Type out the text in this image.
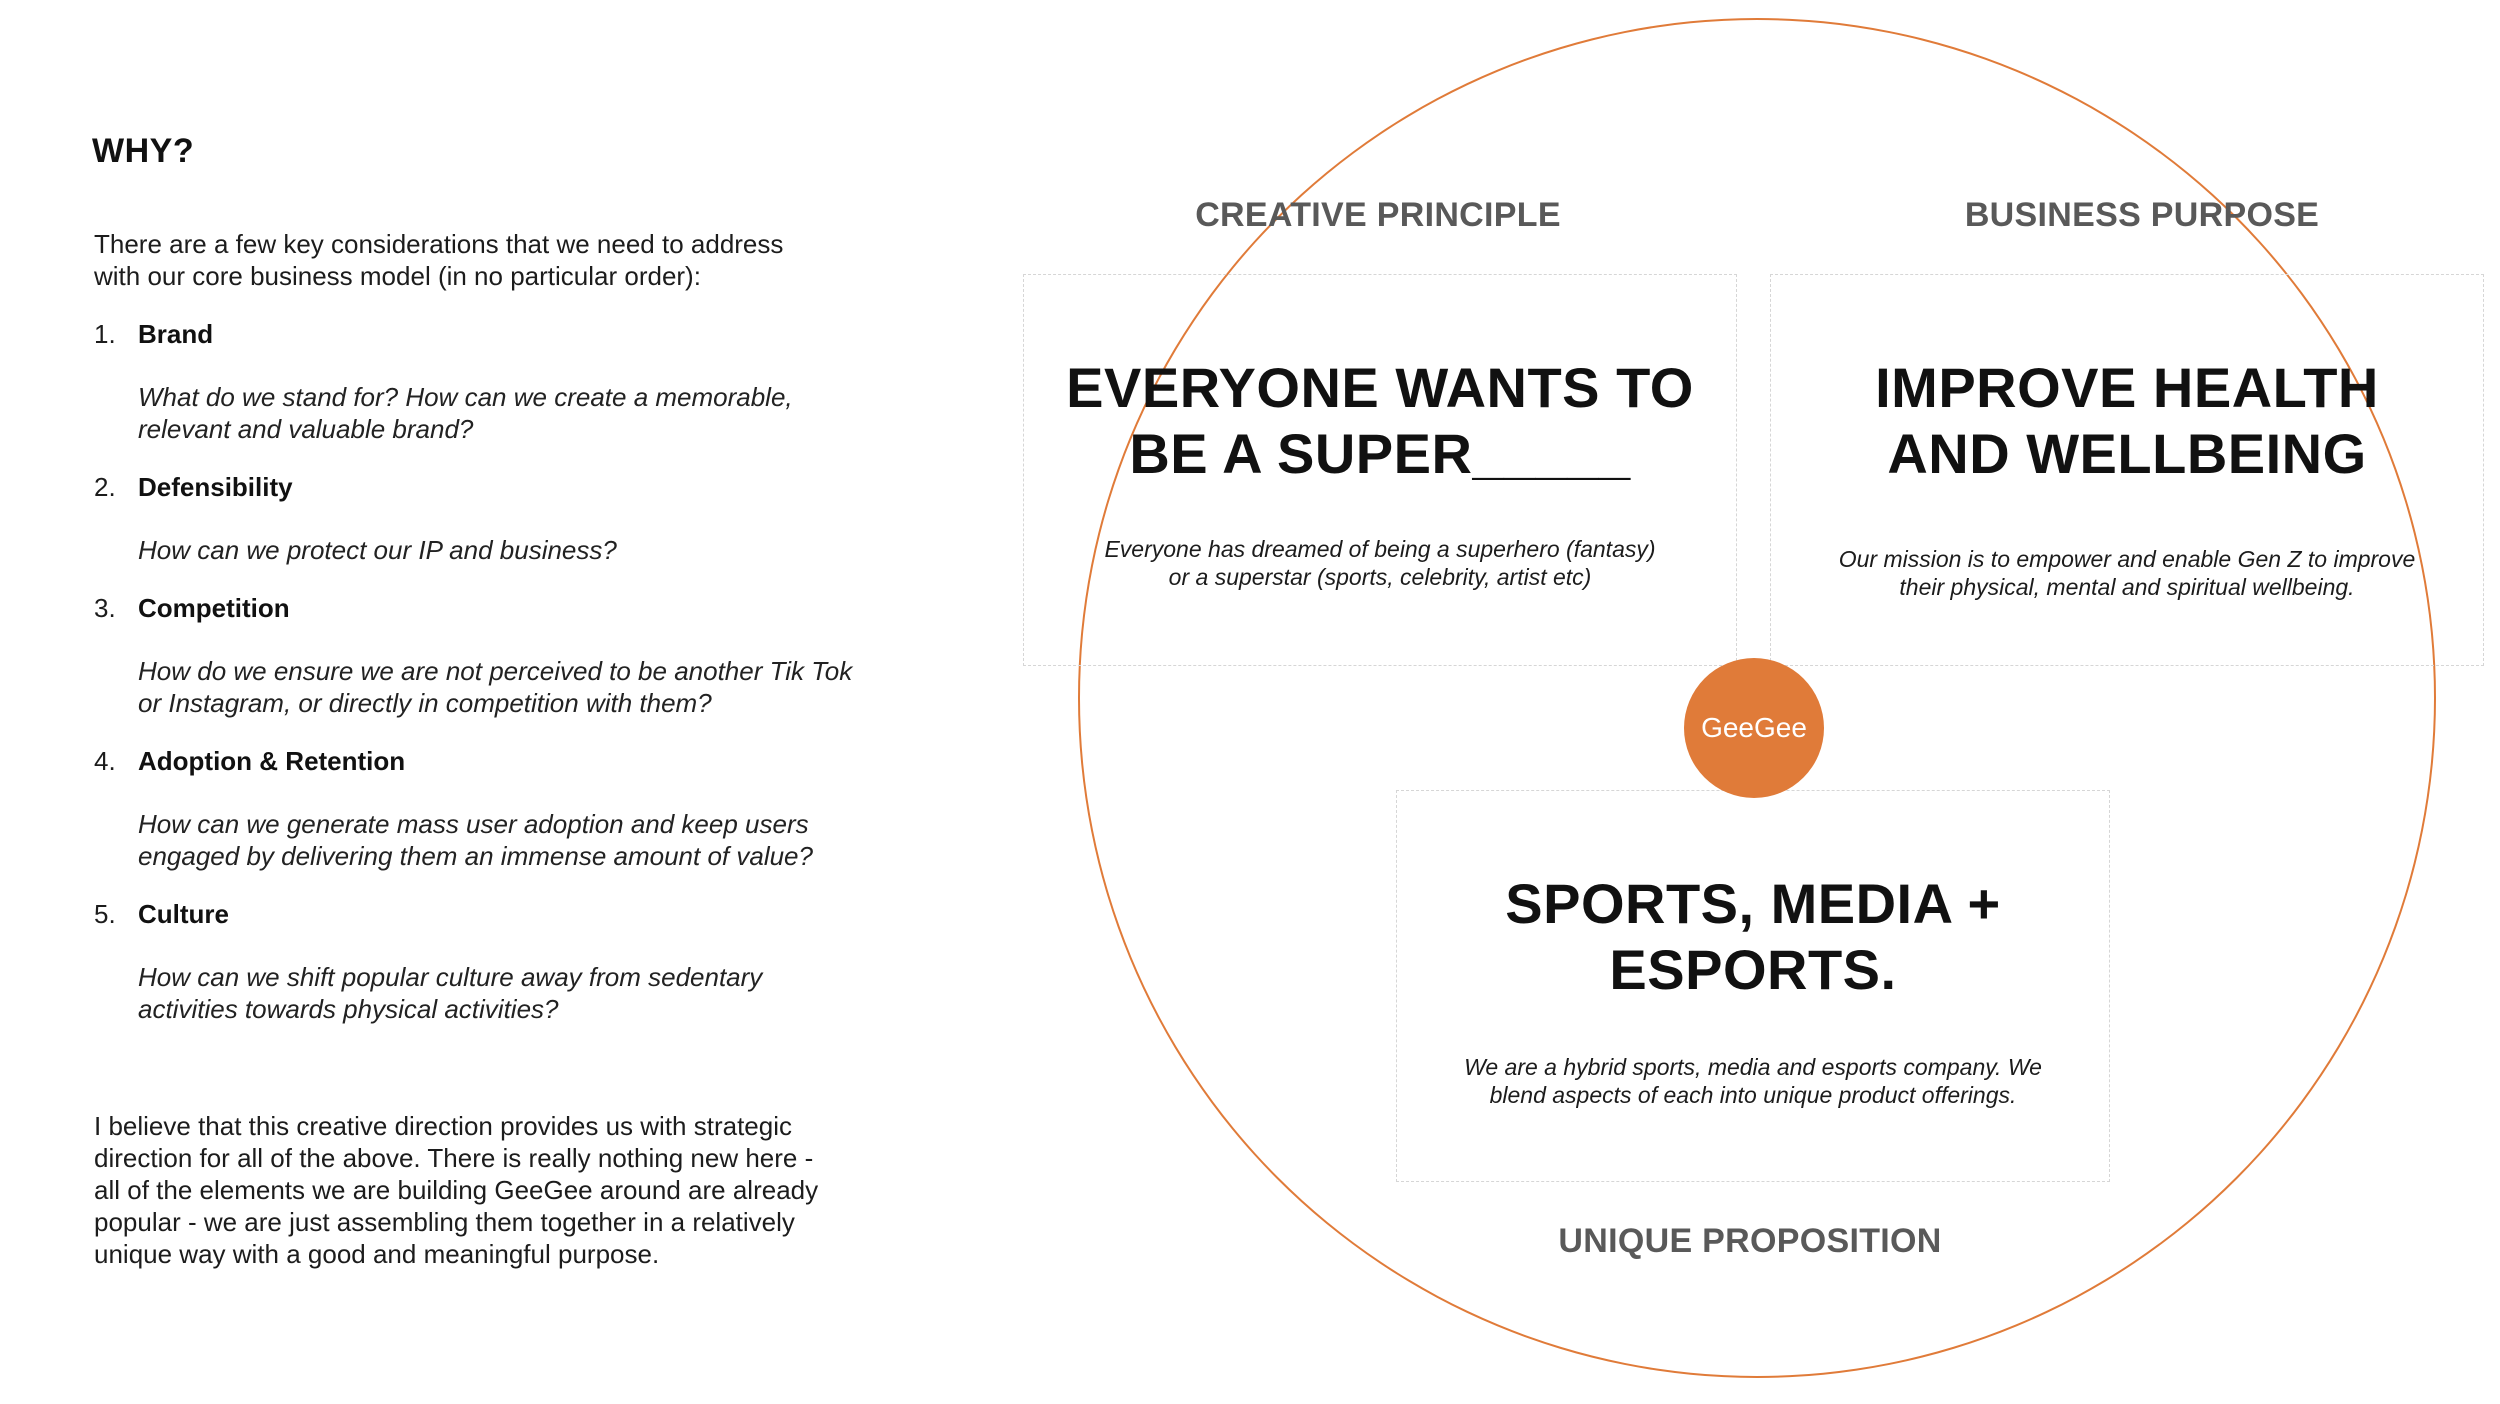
WHY?

There are a few key considerations that we need to address with our core business model (in no particular order):

1. Brand
What do we stand for? How can we create a memorable, relevant and valuable brand?
2. Defensibility
How can we protect our IP and business?
3. Competition
How do we ensure we are not perceived to be another Tik Tok or Instagram, or directly in competition with them?
4. Adoption & Retention
How can we generate mass user adoption and keep users engaged by delivering them an immense amount of value?
5. Culture
How can we shift popular culture away from sedentary activities towards physical activities?

I believe that this creative direction provides us with strategic direction for all of the above. There is really nothing new here - all of the elements we are building GeeGee around are already popular - we are just assembling them together in a relatively unique way with a good and meaningful purpose.

CREATIVE PRINCIPLE	BUSINESS PURPOSE
EVERYONE WANTS TO
BE A SUPER_____

Everyone has dreamed of being a superhero (fantasy)
or a superstar (sports, celebrity, artist etc)

IMPROVE HEALTH
AND WELLBEING

Our mission is to empower and enable Gen Z to improve
their physical, mental and spiritual wellbeing.

SPORTS, MEDIA +
ESPORTS.

We are a hybrid sports, media and esports company. We
blend aspects of each into unique product offerings.

GeeGee
UNIQUE PROPOSITION
